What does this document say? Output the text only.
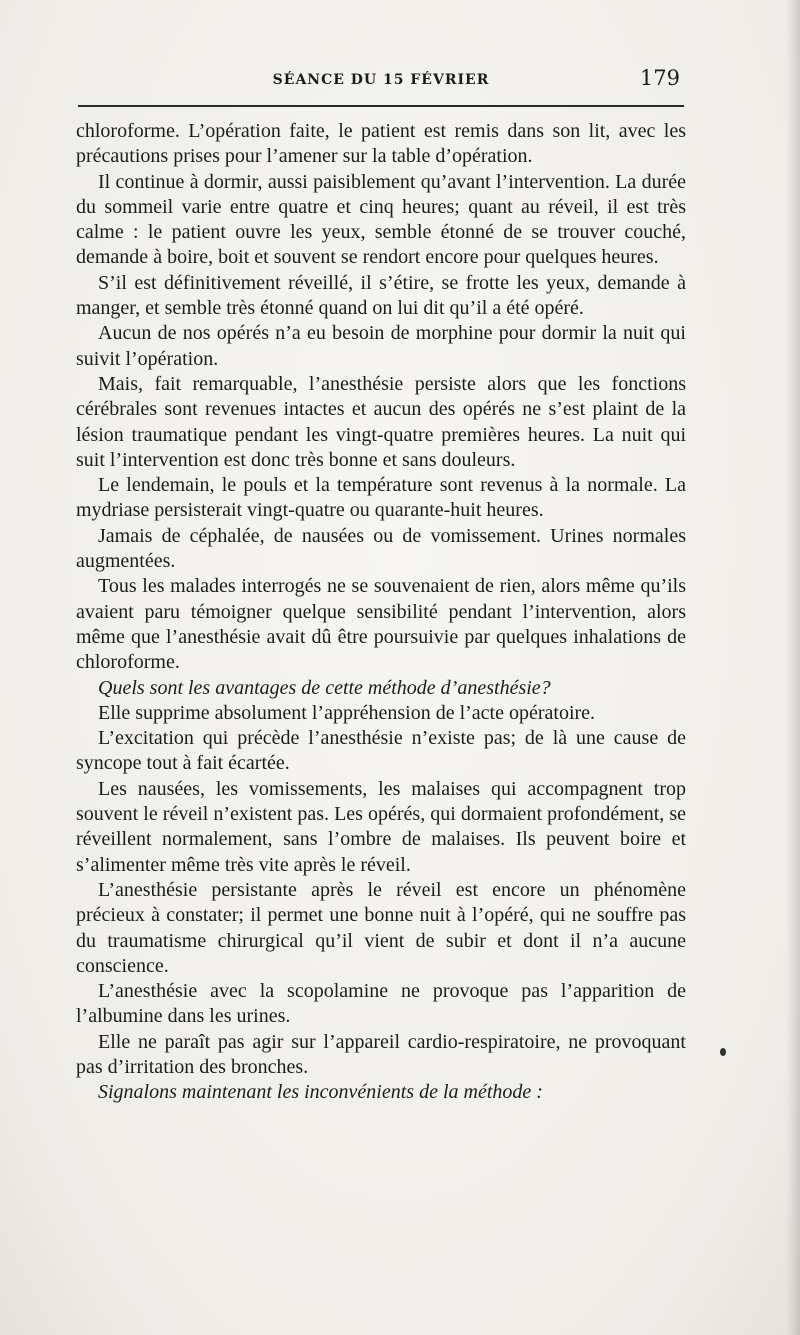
SÉANCE DU 15 FÉVRIER	179

chloroforme. L’opération faite, le patient est remis dans son lit, avec les précautions prises pour l’amener sur la table d’opération.

Il continue à dormir, aussi paisiblement qu’avant l’intervention. La durée du sommeil varie entre quatre et cinq heures; quant au réveil, il est très calme : le patient ouvre les yeux, semble étonné de se trouver couché, demande à boire, boit et souvent se rendort encore pour quelques heures.

S’il est définitivement réveillé, il s’étire, se frotte les yeux, demande à manger, et semble très étonné quand on lui dit qu’il a été opéré.

Aucun de nos opérés n’a eu besoin de morphine pour dormir la nuit qui suivit l’opération.

Mais, fait remarquable, l’anesthésie persiste alors que les fonctions cérébrales sont revenues intactes et aucun des opérés ne s’est plaint de la lésion traumatique pendant les vingt-quatre premières heures. La nuit qui suit l’intervention est donc très bonne et sans douleurs.

Le lendemain, le pouls et la température sont revenus à la normale. La mydriase persisterait vingt-quatre ou quarante-huit heures.

Jamais de céphalée, de nausées ou de vomissement. Urines normales augmentées.

Tous les malades interrogés ne se souvenaient de rien, alors même qu’ils avaient paru témoigner quelque sensibilité pendant l’intervention, alors même que l’anesthésie avait dû être poursuivie par quelques inhalations de chloroforme.

Quels sont les avantages de cette méthode d’anesthésie?

Elle supprime absolument l’appréhension de l’acte opératoire.

L’excitation qui précède l’anesthésie n’existe pas; de là une cause de syncope tout à fait écartée.

Les nausées, les vomissements, les malaises qui accompagnent trop souvent le réveil n’existent pas. Les opérés, qui dormaient profondément, se réveillent normalement, sans l’ombre de malaises. Ils peuvent boire et s’alimenter même très vite après le réveil.

L’anesthésie persistante après le réveil est encore un phénomène précieux à constater; il permet une bonne nuit à l’opéré, qui ne souffre pas du traumatisme chirurgical qu’il vient de subir et dont il n’a aucune conscience.

L’anesthésie avec la scopolamine ne provoque pas l’apparition de l’albumine dans les urines.

Elle ne paraît pas agir sur l’appareil cardio-respiratoire, ne provoquant pas d’irritation des bronches.

Signalons maintenant les inconvénients de la méthode :
